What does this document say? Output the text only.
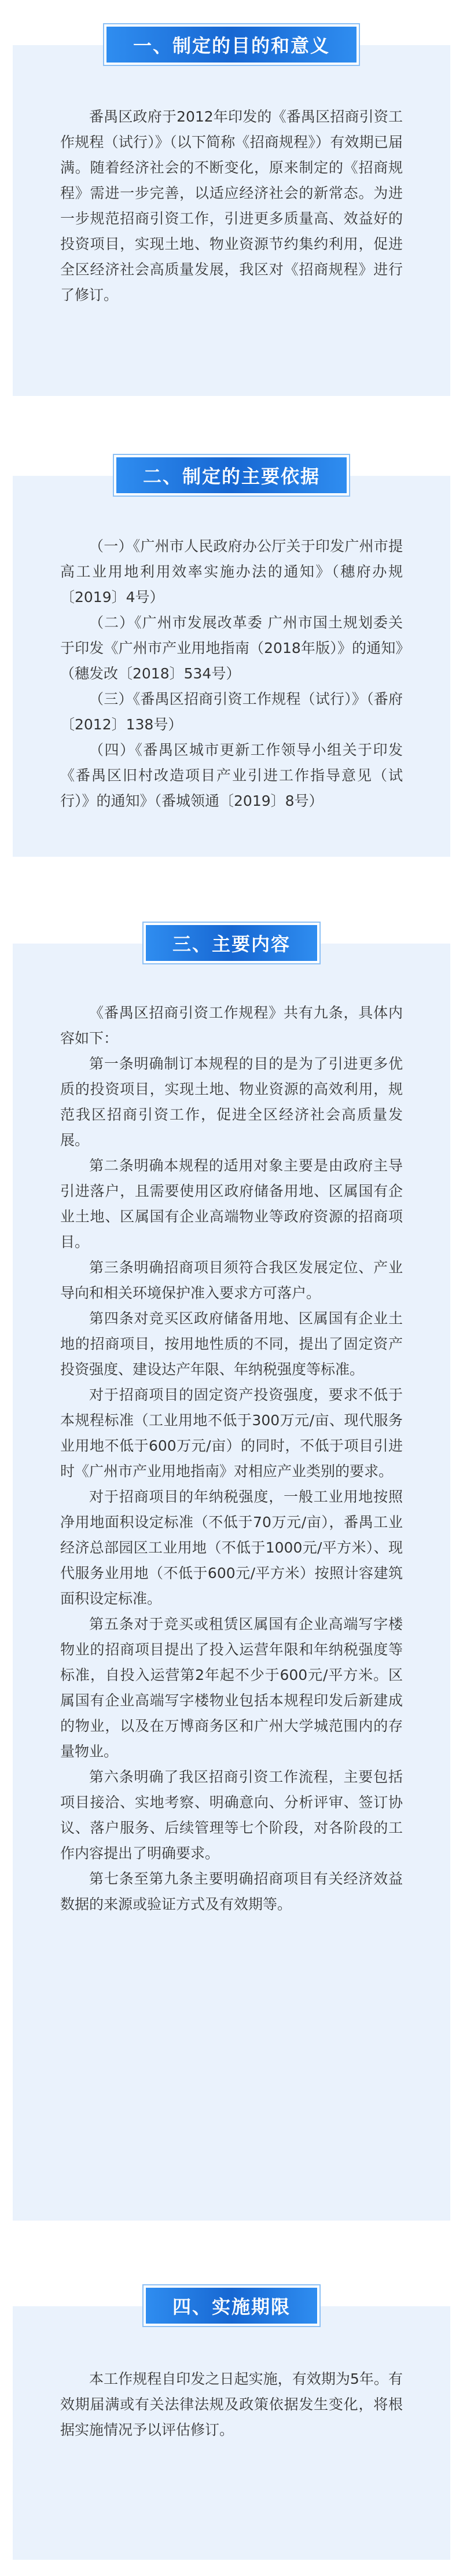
一、制定的目的和意义

番禺区政府于2012年印发的《番禺区招商引资工作规程（试行）》（以下简称《招商规程》）有效期已届满。随着经济社会的不断变化，原来制定的《招商规程》需进一步完善，以适应经济社会的新常态。为进一步规范招商引资工作，引进更多质量高、效益好的投资项目，实现土地、物业资源节约集约利用，促进全区经济社会高质量发展，我区对《招商规程》进行了修订。

二、制定的主要依据

（一）《广州市人民政府办公厅关于印发广州市提高工业用地利用效率实施办法的通知》（穗府办规〔2019〕4号）

（二）《广州市发展改革委 广州市国土规划委关于印发《广州市产业用地指南（2018年版）》的通知》（穗发改〔2018〕534号）

（三）《番禺区招商引资工作规程（试行）》（番府〔2012〕138号）

（四）《番禺区城市更新工作领导小组关于印发《番禺区旧村改造项目产业引进工作指导意见（试行）》的通知》（番城领通〔2019〕8号）

三、主要内容

《番禺区招商引资工作规程》共有九条，具体内容如下：

第一条明确制订本规程的目的是为了引进更多优质的投资项目，实现土地、物业资源的高效利用，规范我区招商引资工作，促进全区经济社会高质量发展。

第二条明确本规程的适用对象主要是由政府主导引进落户，且需要使用区政府储备用地、区属国有企业土地、区属国有企业高端物业等政府资源的招商项目。

第三条明确招商项目须符合我区发展定位、产业导向和相关环境保护准入要求方可落户。

第四条对竞买区政府储备用地、区属国有企业土地的招商项目，按用地性质的不同，提出了固定资产投资强度、建设达产年限、年纳税强度等标准。

对于招商项目的固定资产投资强度，要求不低于本规程标准（工业用地不低于300万元/亩、现代服务业用地不低于600万元/亩）的同时，不低于项目引进时《广州市产业用地指南》对相应产业类别的要求。

对于招商项目的年纳税强度，一般工业用地按照净用地面积设定标准（不低于70万元/亩），番禺工业经济总部园区工业用地（不低于1000元/平方米）、现代服务业用地（不低于600元/平方米）按照计容建筑面积设定标准。

第五条对于竞买或租赁区属国有企业高端写字楼物业的招商项目提出了投入运营年限和年纳税强度等标准，自投入运营第2年起不少于600元/平方米。区属国有企业高端写字楼物业包括本规程印发后新建成的物业，以及在万博商务区和广州大学城范围内的存量物业。

第六条明确了我区招商引资工作流程，主要包括项目接洽、实地考察、明确意向、分析评审、签订协议、落户服务、后续管理等七个阶段，对各阶段的工作内容提出了明确要求。

第七条至第九条主要明确招商项目有关经济效益数据的来源或验证方式及有效期等。

四、实施期限

本工作规程自印发之日起实施，有效期为5年。有效期届满或有关法律法规及政策依据发生变化，将根据实施情况予以评估修订。
